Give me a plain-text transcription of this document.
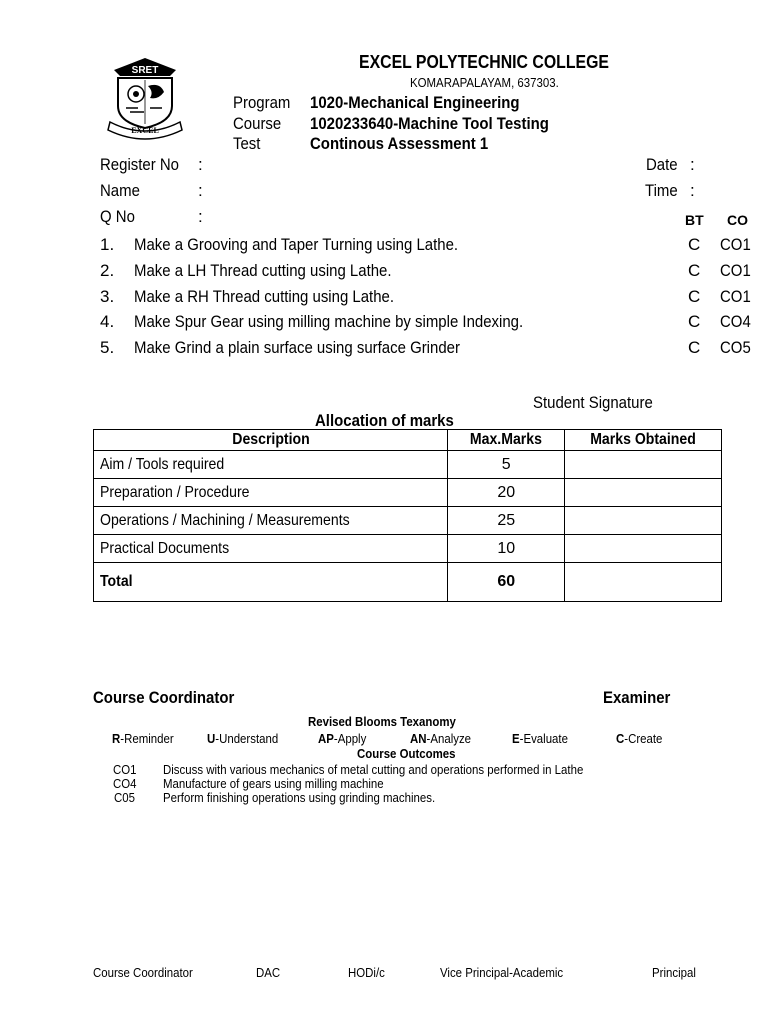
SRET
EXCEL
EXCEL POLYTECHNIC COLLEGE
KOMARAPALAYAM, 637303.
Program	1020-Mechanical Engineering
Course	1020233640-Machine Tool Testing
Test	Continous Assessment 1
Register No	:
Name	:
Q No	:
Date :
Time :
BT CO
1. Make a Grooving and Taper Turning using Lathe.	C CO1
2. Make a LH Thread cutting using Lathe.	C CO1
3. Make a RH Thread cutting using Lathe.	C CO1
4. Make Spur Gear using milling machine by simple Indexing.	C CO4
5. Make Grind a plain surface using surface Grinder	C CO5
Student Signature
Allocation of marks
Description	Max.Marks	Marks Obtained
Aim / Tools required	5	
Preparation / Procedure	20	
Operations / Machining / Measurements	25	
Practical Documents	10	
Total	60	
Course Coordinator	Examiner
Revised Blooms Texanomy
R-Reminder	U-Understand	AP-Apply	AN-Analyze	E-Evaluate	C-Create
Course Outcomes
CO1 Discuss with various mechanics of metal cutting and operations performed in Lathe
CO4 Manufacture of gears using milling machine
C05 Perform finishing operations using grinding machines.
Course Coordinator	DAC	HODi/c	Vice Principal-Academic	Principal
